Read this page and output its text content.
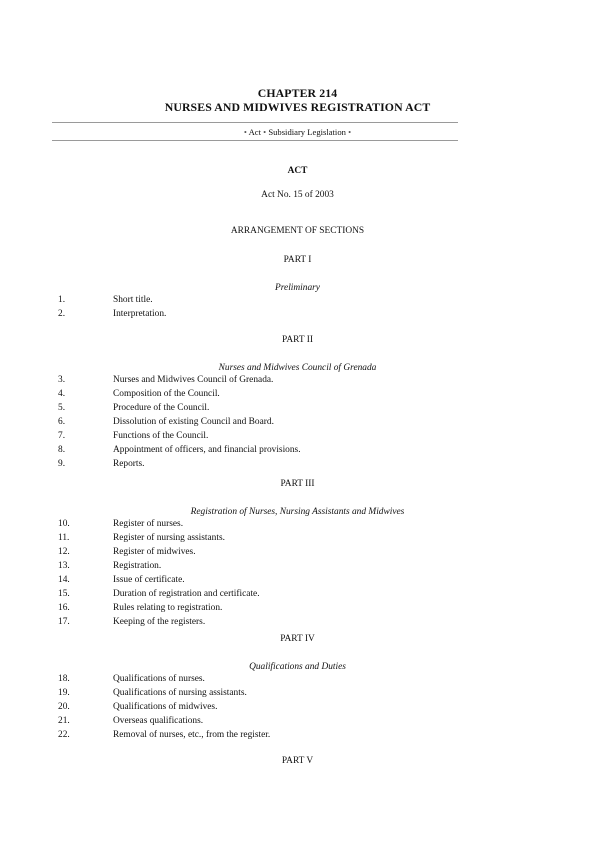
CHAPTER 214
NURSES AND MIDWIVES REGISTRATION ACT
• Act • Subsidiary Legislation •
ACT
Act No. 15 of 2003
ARRANGEMENT OF SECTIONS
PART I
Preliminary
1.	Short title.
2.	Interpretation.
PART II
Nurses and Midwives Council of Grenada
3.	Nurses and Midwives Council of Grenada.
4.	Composition of the Council.
5.	Procedure of the Council.
6.	Dissolution of existing Council and Board.
7.	Functions of the Council.
8.	Appointment of officers, and financial provisions.
9.	Reports.
PART III
Registration of Nurses, Nursing Assistants and Midwives
10.	Register of nurses.
11.	Register of nursing assistants.
12.	Register of midwives.
13.	Registration.
14.	Issue of certificate.
15.	Duration of registration and certificate.
16.	Rules relating to registration.
17.	Keeping of the registers.
PART IV
Qualifications and Duties
18.	Qualifications of nurses.
19.	Qualifications of nursing assistants.
20.	Qualifications of midwives.
21.	Overseas qualifications.
22.	Removal of nurses, etc., from the register.
PART V
